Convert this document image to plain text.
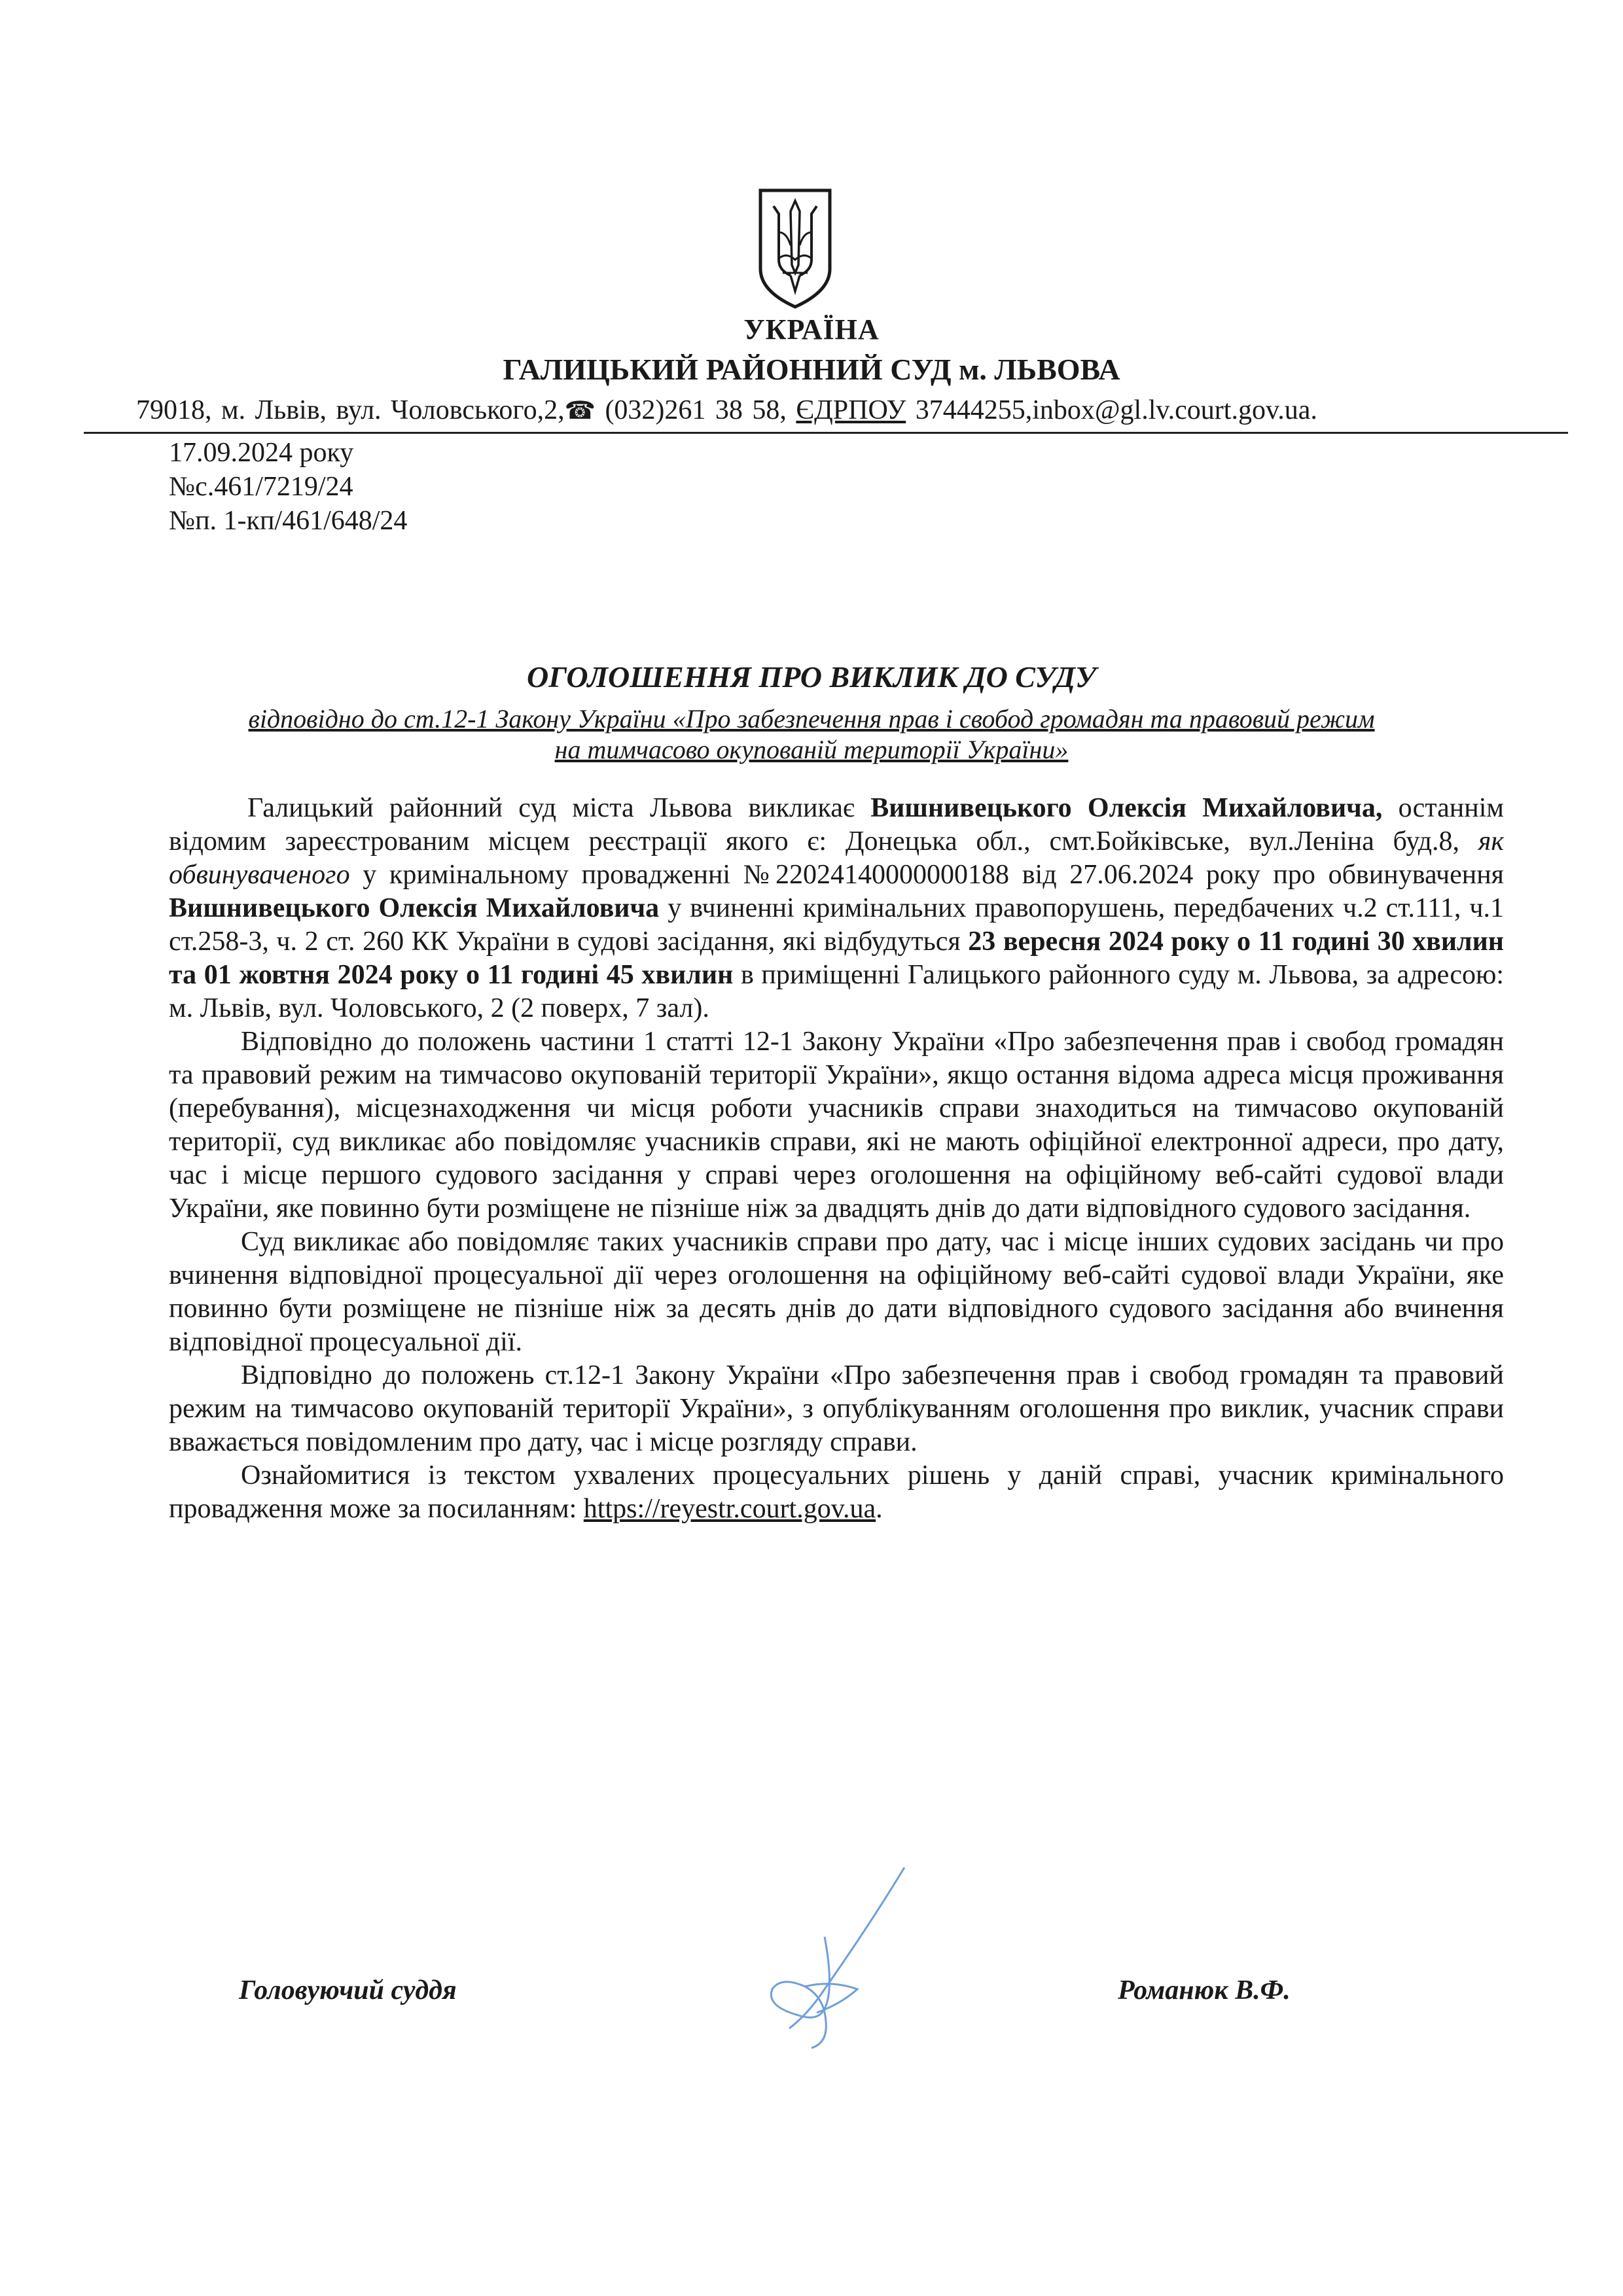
УКРАЇНА
ГАЛИЦЬКИЙ РАЙОННИЙ СУД м. ЛЬВОВА
79018, м. Львів, вул. Чоловського,2,☎ (032)261 38 58, ЄДРПОУ 37444255,inbox@gl.lv.court.gov.ua.
17.09.2024 року
№с.461/7219/24
№п. 1-кп/461/648/24
ОГОЛОШЕННЯ ПРО ВИКЛИК ДО СУДУ
відповідно до ст.12-1 Закону України «Про забезпечення прав і свобод громадян та правовий режим
на тимчасово окупованій території України»

Галицький районний суд міста Львова викликає Вишнивецького Олексія Михайловича, останнім відомим зареєстрованим місцем реєстрації якого є: Донецька обл., смт.Бойківське, вул.Леніна буд.8, як обвинуваченого у кримінальному провадженні №22024140000000188 від 27.06.2024 року про обвинувачення Вишнивецького Олексія Михайловича у вчиненні кримінальних правопорушень, передбачених ч.2 ст.111, ч.1 ст.258-3, ч. 2 ст. 260 КК України в судові засідання, які відбудуться 23 вересня 2024 року о 11 годині 30 хвилин та 01 жовтня 2024 року о 11 годині 45 хвилин в приміщенні Галицького районного суду м. Львова, за адресою: м. Львів, вул. Чоловського, 2 (2 поверх, 7 зал).

Відповідно до положень частини 1 статті 12-1 Закону України «Про забезпечення прав і свобод громадян та правовий режим на тимчасово окупованій території України», якщо остання відома адреса місця проживання (перебування), місцезнаходження чи місця роботи учасників справи знаходиться на тимчасово окупованій території, суд викликає або повідомляє учасників справи, які не мають офіційної електронної адреси, про дату, час і місце першого судового засідання у справі через оголошення на офіційному веб-сайті судової влади України, яке повинно бути розміщене не пізніше ніж за двадцять днів до дати відповідного судового засідання.

Суд викликає або повідомляє таких учасників справи про дату, час і місце інших судових засідань чи про вчинення відповідної процесуальної дії через оголошення на офіційному веб-сайті судової влади України, яке повинно бути розміщене не пізніше ніж за десять днів до дати відповідного судового засідання або вчинення відповідної процесуальної дії.

Відповідно до положень ст.12-1 Закону України «Про забезпечення прав і свобод громадян та правовий режим на тимчасово окупованій території України», з опублікуванням оголошення про виклик, учасник справи вважається повідомленим про дату, час і місце розгляду справи.

Ознайомитися із текстом ухвалених процесуальних рішень у даній справі, учасник кримінального провадження може за посиланням: https://reyestr.court.gov.ua.

Головуючий суддя	Романюк В.Ф.
